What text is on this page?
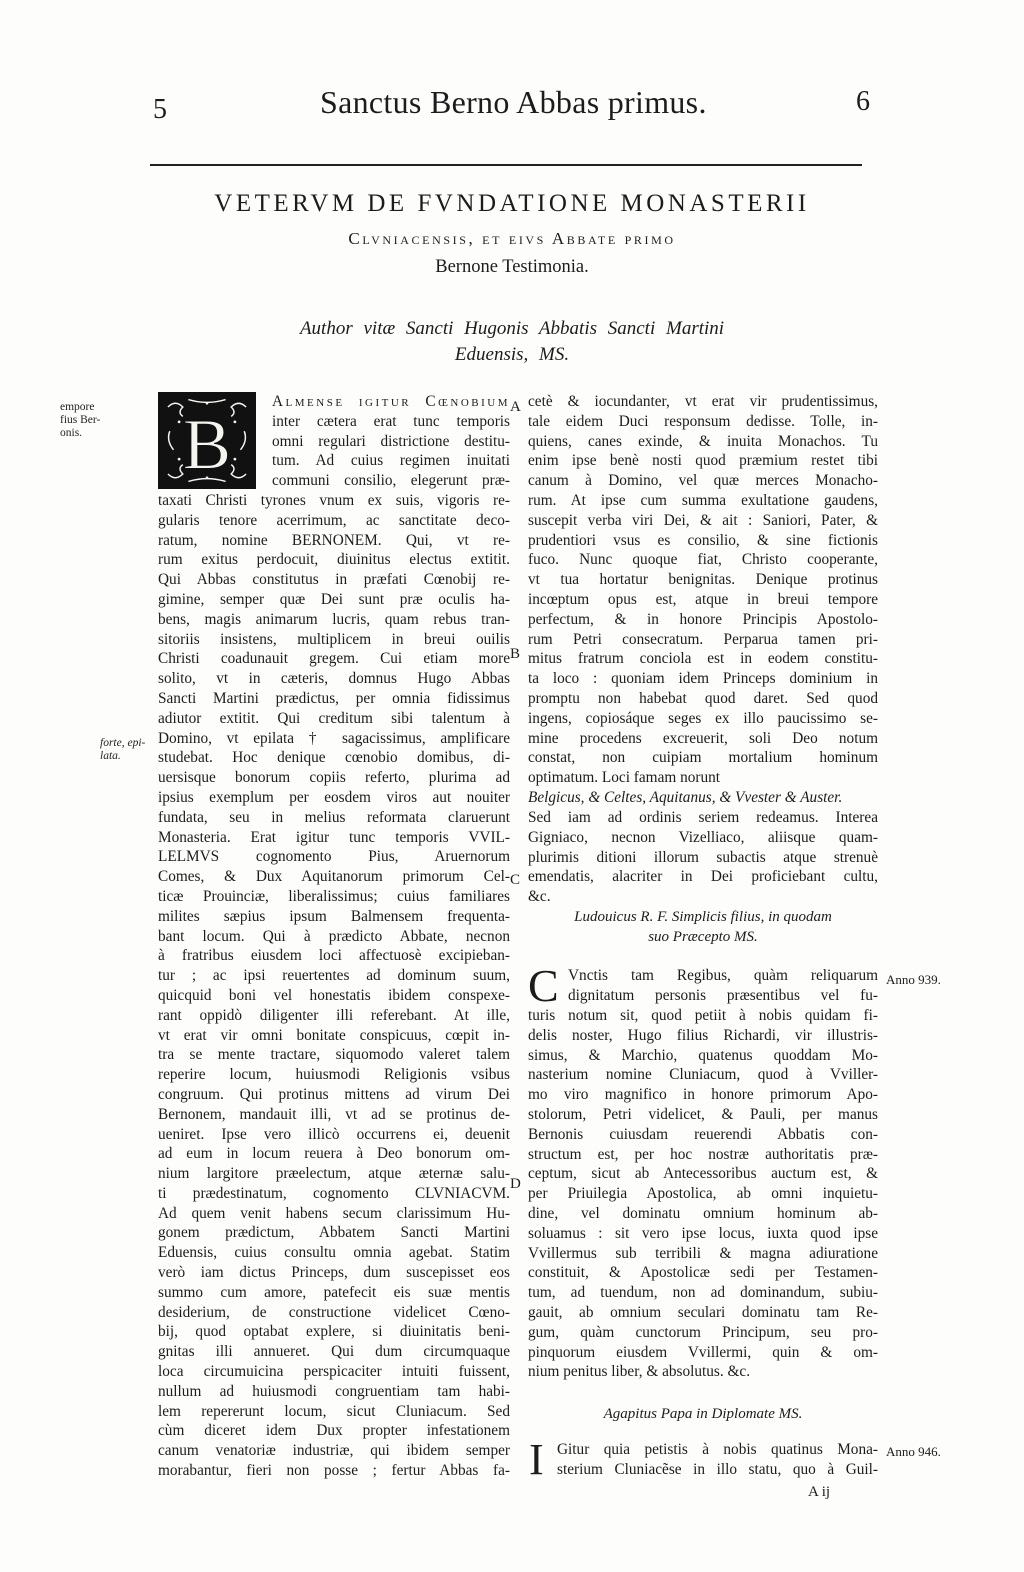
5	Sanctus Berno Abbas primus.	6
VETERVM DE FVNDATIONE MONASTERII
Clvniacensis, et eivs Abbate primo
Bernone Testimonia.
Author vitæ Sancti Hugonis Abbatis Sancti Martini
Eduensis, MS.
empore
fius Ber-
onis.
forte, epi-
lata.
A
B
C
D
B
Almense igitur Cœnobium
inter cætera erat tunc temporis
omni regulari districtione destitu-
tum. Ad cuius regimen inuitati
communi consilio, elegerunt præ-
taxati Christi tyrones vnum ex suis, vigoris re-
gularis tenore acerrimum, ac sanctitate deco-
ratum, nomine BERNONEM. Qui, vt re-
rum exitus perdocuit, diuinitus electus extitit.
Qui Abbas constitutus in præfati Cœnobij re-
gimine, semper quæ Dei sunt præ oculis ha-
bens, magis animarum lucris, quam rebus tran-
sitoriis insistens, multiplicem in breui ouilis
Christi coadunauit gregem. Cui etiam more
solito, vt in cæteris, domnus Hugo Abbas
Sancti Martini prædictus, per omnia fidissimus
adiutor extitit. Qui creditum sibi talentum à
Domino, vt epilata † sagacissimus, amplificare
studebat. Hoc denique cœnobio domibus, di-
uersisque bonorum copiis referto, plurima ad
ipsius exemplum per eosdem viros aut nouiter
fundata, seu in melius reformata claruerunt
Monasteria. Erat igitur tunc temporis VVIL-
LELMVS cognomento Pius, Aruernorum
Comes, & Dux Aquitanorum primorum Cel-
ticæ Prouinciæ, liberalissimus; cuius familiares
milites sæpius ipsum Balmensem frequenta-
bant locum. Qui à prædicto Abbate, necnon
à fratribus eiusdem loci affectuosè excipieban-
tur ; ac ipsi reuertentes ad dominum suum,
quicquid boni vel honestatis ibidem conspexe-
rant oppidò diligenter illi referebant. At ille,
vt erat vir omni bonitate conspicuus, cœpit in-
tra se mente tractare, siquomodo valeret talem
reperire locum, huiusmodi Religionis vsibus
congruum. Qui protinus mittens ad virum Dei
Bernonem, mandauit illi, vt ad se protinus de-
ueniret. Ipse vero illicò occurrens ei, deuenit
ad eum in locum reuera à Deo bonorum om-
nium largitore præelectum, atque æternæ salu-
ti prædestinatum, cognomento CLVNIACVM.
Ad quem venit habens secum clarissimum Hu-
gonem prædictum, Abbatem Sancti Martini
Eduensis, cuius consultu omnia agebat. Statim
verò iam dictus Princeps, dum suscepisset eos
summo cum amore, patefecit eis suæ mentis
desiderium, de constructione videlicet Cœno-
bij, quod optabat explere, si diuinitatis beni-
gnitas illi annueret. Qui dum circumquaque
loca circumuicina perspicaciter intuiti fuissent,
nullum ad huiusmodi congruentiam tam habi-
lem repererunt locum, sicut Cluniacum. Sed
cùm diceret idem Dux propter infestationem
canum venatoriæ industriæ, qui ibidem semper
morabantur, fieri non posse ; fertur Abbas fa-
cetè & iocundanter, vt erat vir prudentissimus,
tale eidem Duci responsum dedisse. Tolle, in-
quiens, canes exinde, & inuita Monachos. Tu
enim ipse benè nosti quod præmium restet tibi
canum à Domino, vel quæ merces Monacho-
rum. At ipse cum summa exultatione gaudens,
suscepit verba viri Dei, & ait : Saniori, Pater, &
prudentiori vsus es consilio, & sine fictionis
fuco. Nunc quoque fiat, Christo cooperante,
vt tua hortatur benignitas. Denique protinus
incœptum opus est, atque in breui tempore
perfectum, & in honore Principis Apostolo-
rum Petri consecratum. Perparua tamen pri-
mitus fratrum conciola est in eodem constitu-
ta loco : quoniam idem Princeps dominium in
promptu non habebat quod daret. Sed quod
ingens, copiosáque seges ex illo paucissimo se-
mine procedens excreuerit, soli Deo notum
constat, non cuipiam mortalium hominum
optimatum. Loci famam norunt
Belgicus, & Celtes, Aquitanus, & Vvester & Auster.
Sed iam ad ordinis seriem redeamus. Interea
Gigniaco, necnon Vizelliaco, aliisque quam-
plurimis ditioni illorum subactis atque strenuè
emendatis, alacriter in Dei proficiebant cultu,
&c.
Ludouicus R. F. Simplicis filius, in quodam
suo Præcepto MS.
C Vnctis tam Regibus, quàm reliquarum
dignitatum personis præsentibus vel fu-
turis notum sit, quod petiit à nobis quidam fi-
delis noster, Hugo filius Richardi, vir illustris-
simus, & Marchio, quatenus quoddam Mo-
nasterium nomine Cluniacum, quod à Vviller-
mo viro magnifico in honore primorum Apo-
stolorum, Petri videlicet, & Pauli, per manus
Bernonis cuiusdam reuerendi Abbatis con-
structum est, per hoc nostræ authoritatis præ-
ceptum, sicut ab Antecessoribus auctum est, &
per Priuilegia Apostolica, ab omni inquietu-
dine, vel dominatu omnium hominum ab-
soluamus : sit vero ipse locus, iuxta quod ipse
Vvillermus sub terribili & magna adiuratione
constituit, & Apostolicæ sedi per Testamen-
tum, ad tuendum, non ad dominandum, subiu-
gauit, ab omnium seculari dominatu tam Re-
gum, quàm cunctorum Principum, seu pro-
pinquorum eiusdem Vvillermi, quin & om-
nium penitus liber, & absolutus. &c.
Anno 939.
Agapitus Papa in Diplomate MS.
I Gitur quia petistis à nobis quatinus Mona-
sterium Cluniacẽse in illo statu, quo à Guil-
Anno 946.
A ij
